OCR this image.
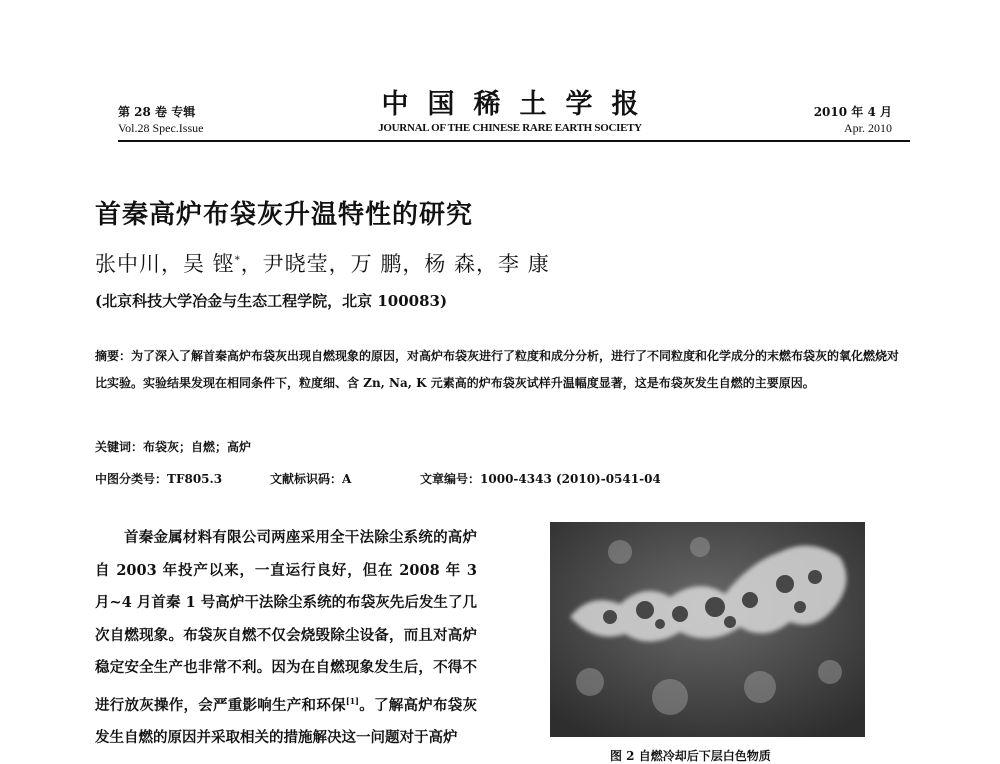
第 28 卷 专辑
Vol.28 Spec.Issue
中国稀土学报
JOURNAL OF THE CHINESE RARE EARTH SOCIETY
2010 年 4 月
Apr. 2010
首秦高炉布袋灰升温特性的研究
张中川，吴 铿*，尹晓莹，万 鹏，杨 森，李 康
(北京科技大学冶金与生态工程学院，北京 100083)
摘要：为了深入了解首秦高炉布袋灰出现自燃现象的原因，对高炉布袋灰进行了粒度和成分分析，进行了不同粒度和化学成分的末燃布袋灰的氧化燃烧对比实验。实验结果发现在相同条件下，粒度细、含 Zn, Na, K 元素高的炉布袋灰试样升温幅度显著，这是布袋灰发生自燃的主要原因。
关键词：布袋灰；自燃；高炉
中图分类号：TF805.3	文献标识码：A	文章编号：1000-4343 (2010)-0541-04

首秦金属材料有限公司两座采用全干法除尘系统的高炉自 2003 年投产以来，一直运行良好，但在 2008 年 3 月~4 月首秦 1 号高炉干法除尘系统的布袋灰先后发生了几次自燃现象。布袋灰自燃不仅会烧毁除尘设备，而且对高炉稳定安全生产也非常不利。因为在自燃现象发生后，不得不进行放灰操作，会严重影响生产和环保[1]。了解高炉布袋灰发生自燃的原因并采取相关的措施解决这一问题对于高炉

图 2 自燃冷却后下层白色物质
